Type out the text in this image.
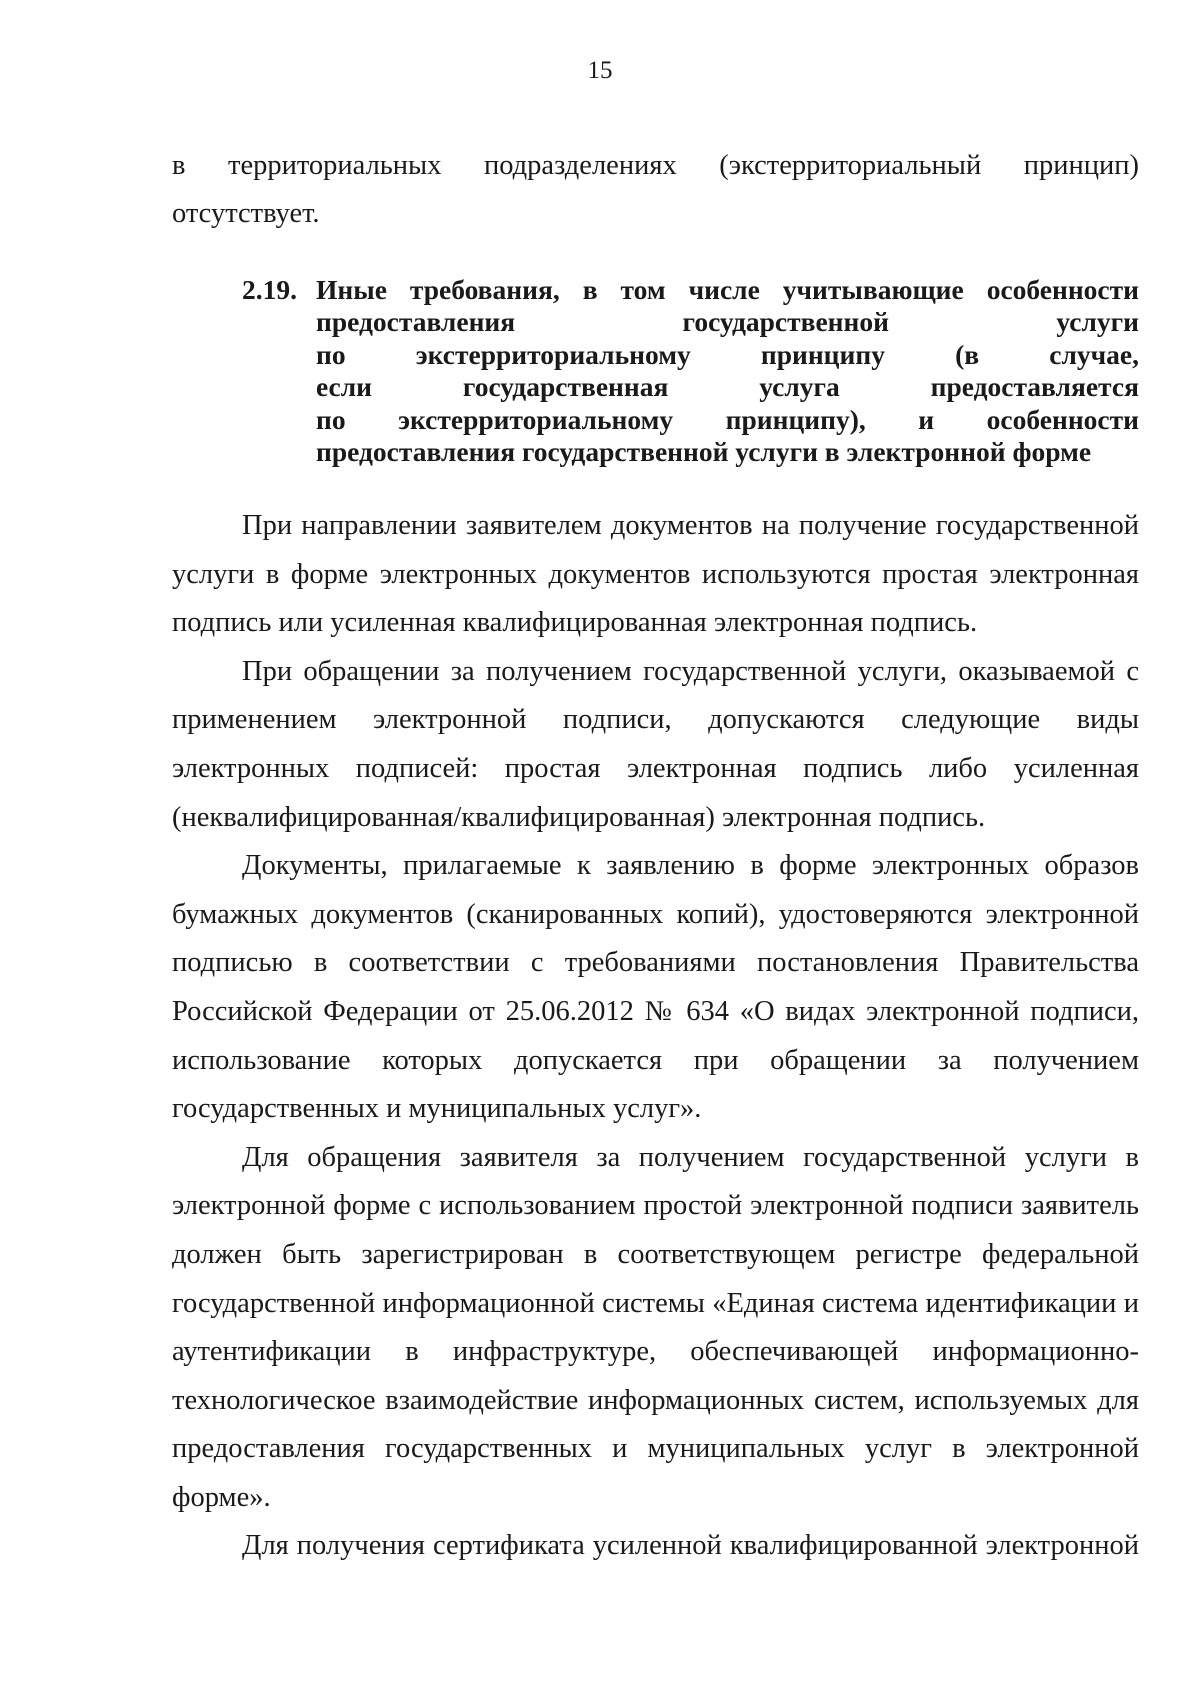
15
в территориальных подразделениях (экстерриториальный принцип)
отсутствует.
2.19. Иные требования, в том числе учитывающие особенности
предоставления государственной услуги
по экстерриториальному принципу (в случае,
если государственная услуга предоставляется
по экстерриториальному принципу), и особенности
предоставления государственной услуги в электронной форме
При направлении заявителем документов на получение государственной
услуги в форме электронных документов используются простая электронная
подпись или усиленная квалифицированная электронная подпись.
При обращении за получением государственной услуги, оказываемой с
применением электронной подписи, допускаются следующие виды
электронных подписей: простая электронная подпись либо усиленная
(неквалифицированная/квалифицированная) электронная подпись.
Документы, прилагаемые к заявлению в форме электронных образов
бумажных документов (сканированных копий), удостоверяются электронной
подписью в соответствии с требованиями постановления Правительства
Российской Федерации от 25.06.2012 № 634 «О видах электронной подписи,
использование которых допускается при обращении за получением
государственных и муниципальных услуг».
Для обращения заявителя за получением государственной услуги в
электронной форме с использованием простой электронной подписи заявитель
должен быть зарегистрирован в соответствующем регистре федеральной
государственной информационной системы «Единая система идентификации и
аутентификации в инфраструктуре, обеспечивающей информационно-
технологическое взаимодействие информационных систем, используемых для
предоставления государственных и муниципальных услуг в электронной
форме».
Для получения сертификата усиленной квалифицированной электронной
